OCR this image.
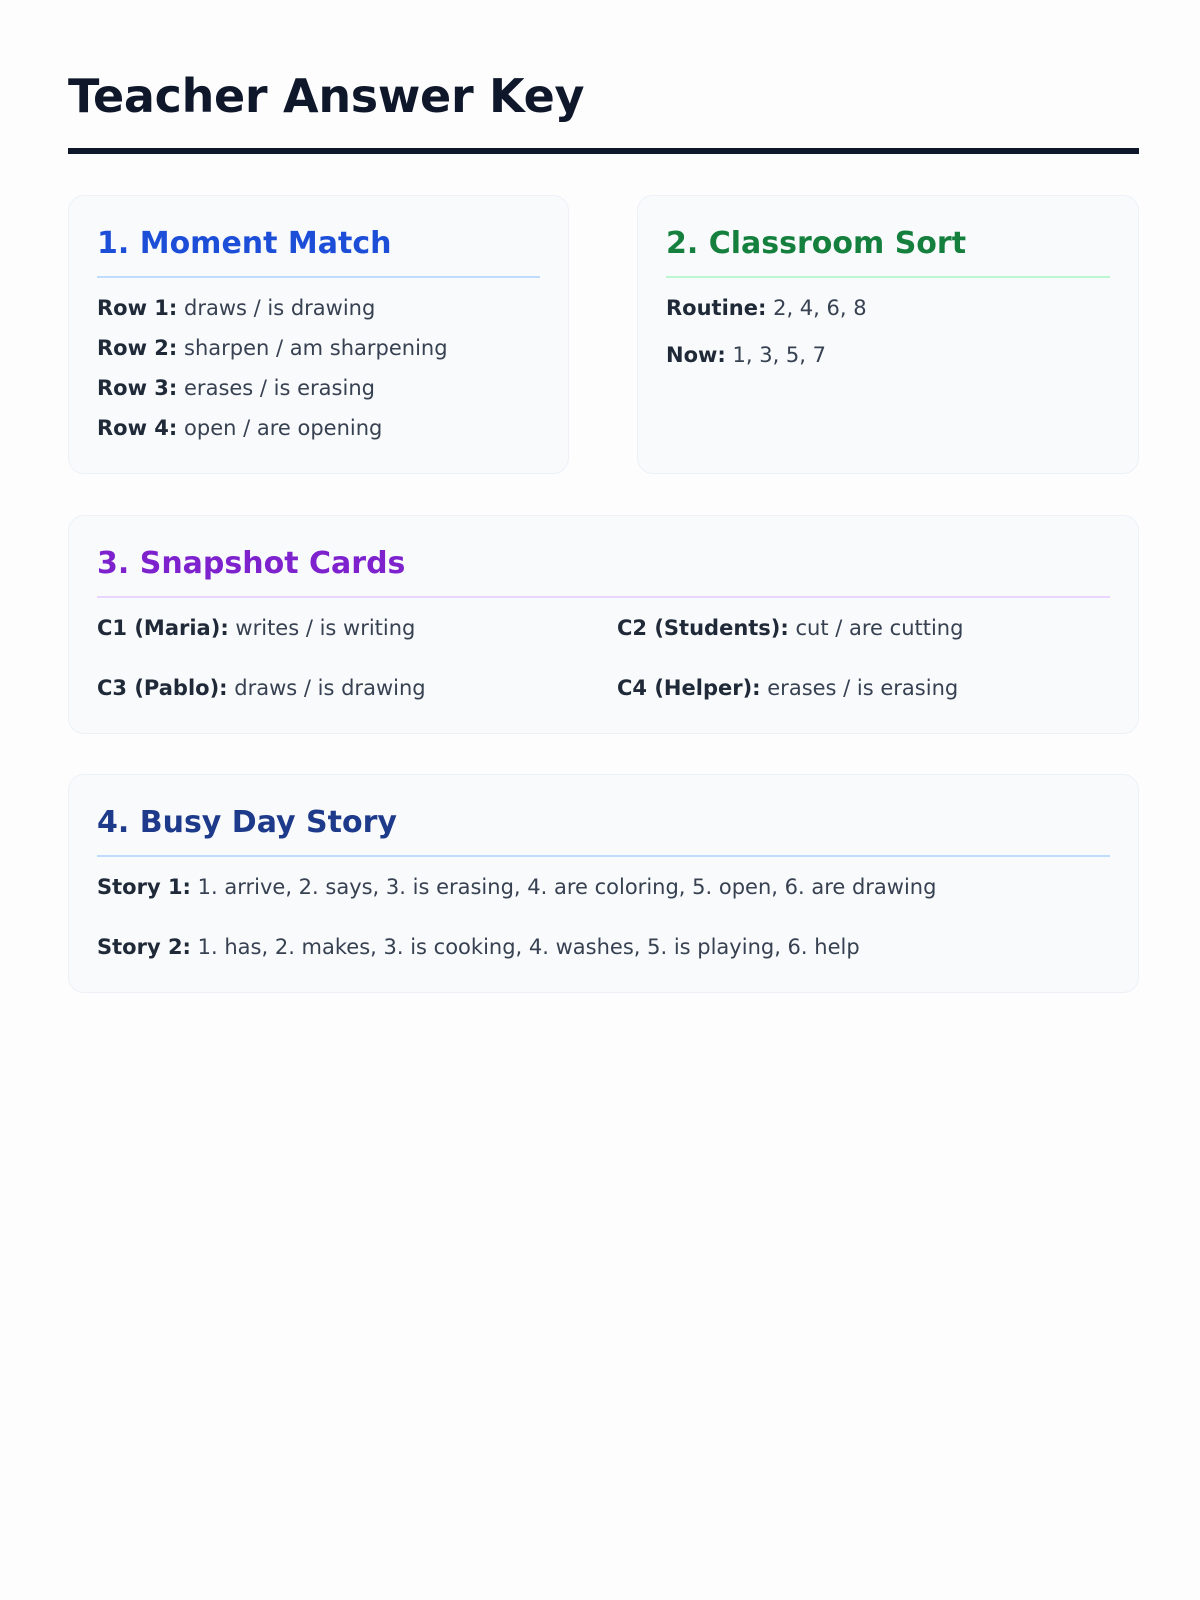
Teacher Answer Key
1. Moment Match
Row 1: draws / is drawing
Row 2: sharpen / am sharpening
Row 3: erases / is erasing
Row 4: open / are opening
2. Classroom Sort
Routine: 2, 4, 6, 8
Now: 1, 3, 5, 7
3. Snapshot Cards
C1 (Maria): writes / is writing	C2 (Students): cut / are cutting
C3 (Pablo): draws / is drawing	C4 (Helper): erases / is erasing
4. Busy Day Story
Story 1: 1. arrive, 2. says, 3. is erasing, 4. are coloring, 5. open, 6. are drawing
Story 2: 1. has, 2. makes, 3. is cooking, 4. washes, 5. is playing, 6. help
